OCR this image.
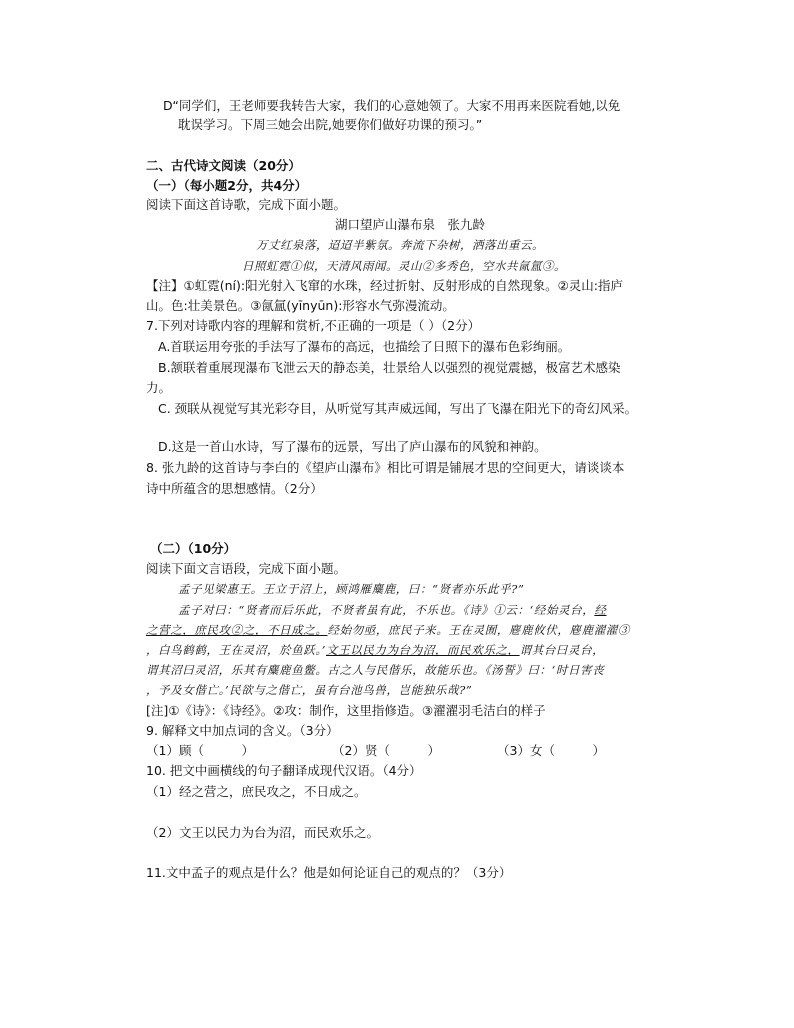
D“同学们，王老师要我转告大家，我们的心意她领了。大家不用再来医院看她,以免
耽误学习。下周三她会出院,她要你们做好功课的预习。”
二、古代诗文阅读（20分）
（一）（每小题2分，共4分）
阅读下面这首诗歌，完成下面小题。
湖口望庐山瀑布泉　张九龄
万丈红泉落，迢迢半紫氛。奔流下杂树，洒落出重云。
日照虹霓①似，天清风雨闻。灵山②多秀色，空水共氤氲③。
【注】①虹霓(ní):阳光射入飞窜的水珠，经过折射、反射形成的自然现象。②灵山:指庐
山。色:壮美景色。③氤氲(yīnyūn):形容水气弥漫流动。
7.下列对诗歌内容的理解和赏析,不正确的一项是（ ）（2分）
A.首联运用夸张的手法写了瀑布的高远，也描绘了日照下的瀑布色彩绚丽。
B.颔联着重展现瀑布飞泄云天的静态美，壮景给人以强烈的视觉震撼，极富艺术感染
力。
C. 颈联从视觉写其光彩夺目，从听觉写其声威远闻，写出了飞瀑在阳光下的奇幻风采。
D.这是一首山水诗，写了瀑布的远景，写出了庐山瀑布的风貌和神韵。
8. 张九龄的这首诗与李白的《望庐山瀑布》相比可谓是铺展才思的空间更大，请谈谈本
诗中所蕴含的思想感情。（2分）
（二）（10分）
阅读下面文言语段，完成下面小题。
孟子见梁惠王。王立于沼上，顾鸿雁麋鹿，曰：“贤者亦乐此乎?”
孟子对曰：“贤者而后乐此，不贤者虽有此，不乐也。《诗》①云：‘经始灵台，经
之营之，庶民攻②之，不日成之。经始勿亟，庶民子来。王在灵囿，麀鹿攸伏，麀鹿濯濯③
，白鸟鹤鹤，王在灵沼，於鱼跃。’文王以民力为台为沼，而民欢乐之，谓其台曰灵台，
谓其沼曰灵沼，乐其有麋鹿鱼鳖。古之人与民偕乐，故能乐也。《汤誓》曰：‘时日害丧
，予及女偕亡。’民欲与之偕亡，虽有台池鸟兽，岂能独乐哉?”
[注]①《诗》：《诗经》。②攻：制作，这里指修造。③濯濯羽毛洁白的样子
9. 解释文中加点词的含义。（3分）
（1）顾（　　　）	（2）贤（　　　）	（3）女（　　　）
10. 把文中画横线的句子翻译成现代汉语。（4分）
（1）经之营之，庶民攻之，不日成之。
（2）文王以民力为台为沼，而民欢乐之。
11.文中孟子的观点是什么？他是如何论证自己的观点的？（3分）
